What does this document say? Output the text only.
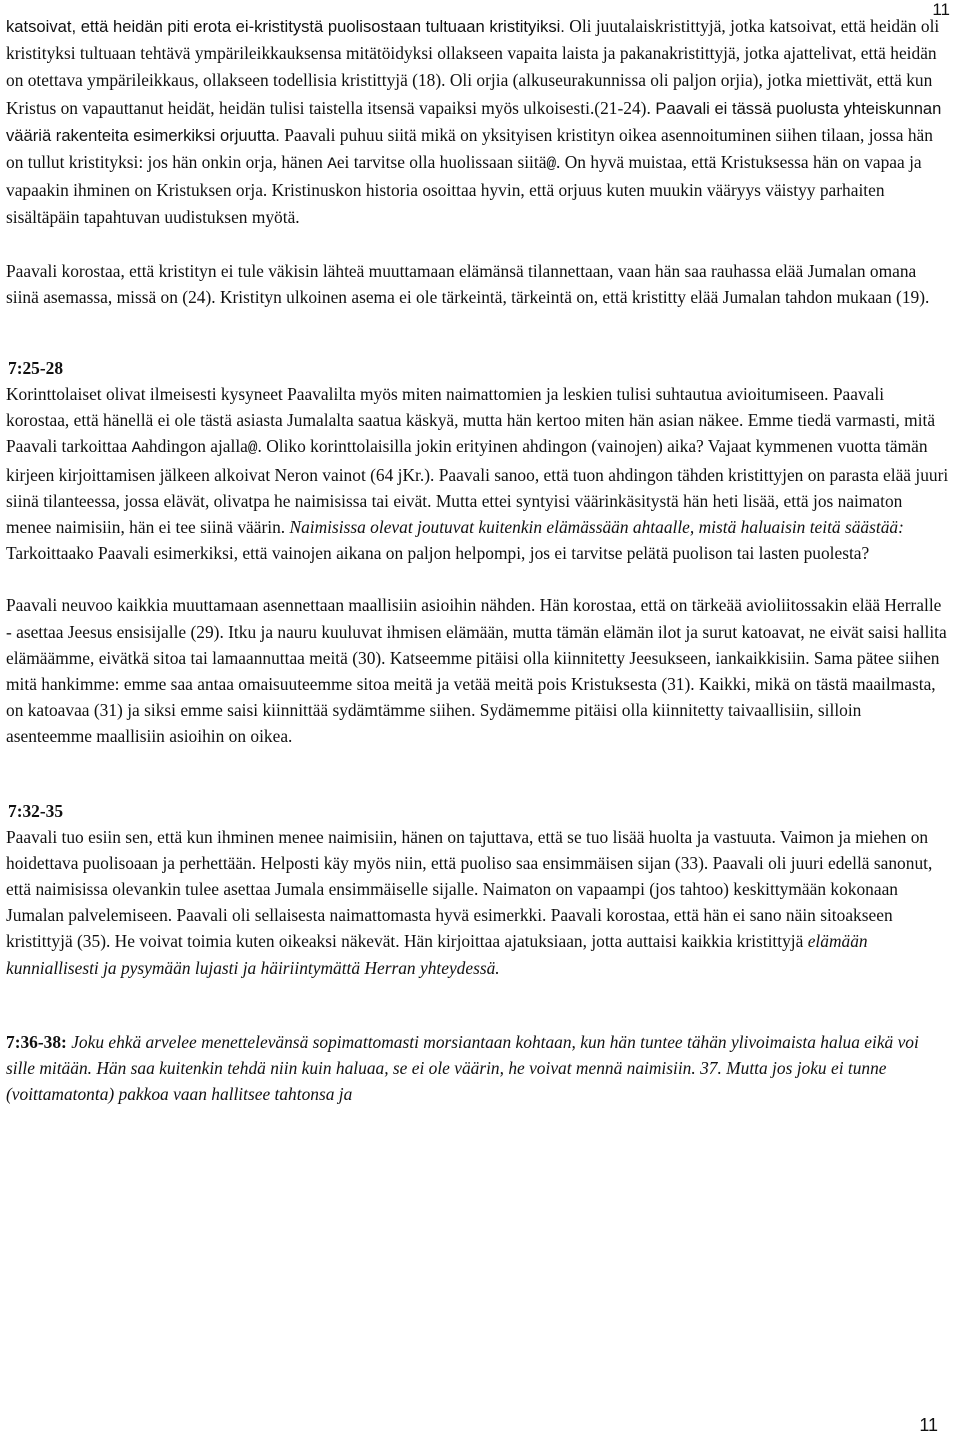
11

katsoivat, että heidän piti erota ei-kristitystä puolisostaan tultuaan kristityiksi. Oli juutalaiskristittyjä, jotka katsoivat, että heidän oli kristityksi tultuaan tehtävä ympärileikkauksensa mitätöidyksi ollakseen vapaita laista ja pakanakristittyjä, jotka ajattelivat, että heidän on otettava ympärileikkaus, ollakseen todellisia kristittyjä (18). Oli orjia (alkuseurakunnissa oli paljon orjia), jotka miettivät, että kun Kristus on vapauttanut heidät, heidän tulisi taistella itsensä vapaiksi myös ulkoisesti.(21-24). Paavali ei tässä puolusta yhteiskunnan vääriä rakenteita esimerkiksi orjuutta. Paavali puhuu siitä mikä on yksityisen kristityn oikea asennoituminen siihen tilaan, jossa hän on tullut kristityksi: jos hän onkin orja, hänen Aei tarvitse olla huolissaan siitä@. On hyvä muistaa, että Kristuksessa hän on vapaa ja vapaakin ihminen on Kristuksen orja. Kristinuskon historia osoittaa hyvin, että orjuus kuten muukin vääryys väistyy parhaiten sisältäpäin tapahtuvan uudistuksen myötä.

Paavali korostaa, että kristityn ei tule väkisin lähteä muuttamaan elämänsä tilannettaan, vaan hän saa rauhassa elää Jumalan omana siinä asemassa, missä on (24). Kristityn ulkoinen asema ei ole tärkeintä, tärkeintä on, että kristitty elää Jumalan tahdon mukaan (19).

7:25-28

Korinttolaiset olivat ilmeisesti kysyneet Paavalilta myös miten naimattomien ja leskien tulisi suhtautua avioitumiseen. Paavali korostaa, että hänellä ei ole tästä asiasta Jumalalta saatua käskyä, mutta hän kertoo miten hän asian näkee. Emme tiedä varmasti, mitä Paavali tarkoittaa Aahdingon ajalla@. Oliko korinttolaisilla jokin erityinen ahdingon (vainojen) aika? Vajaat kymmenen vuotta tämän kirjeen kirjoittamisen jälkeen alkoivat Neron vainot (64 jKr.). Paavali sanoo, että tuon ahdingon tähden kristittyjen on parasta elää juuri siinä tilanteessa, jossa elävät, olivatpa he naimisissa tai eivät. Mutta ettei syntyisi väärinkäsitystä hän heti lisää, että jos naimaton menee naimisiin, hän ei tee siinä väärin. Naimisissa olevat joutuvat kuitenkin elämässään ahtaalle, mistä haluaisin teitä säästää: Tarkoittaako Paavali esimerkiksi, että vainojen aikana on paljon helpompi, jos ei tarvitse pelätä puolison tai lasten puolesta?

Paavali neuvoo kaikkia muuttamaan asennettaan maallisiin asioihin nähden. Hän korostaa, että on tärkeää avioliitossakin elää Herralle - asettaa Jeesus ensisijalle (29). Itku ja nauru kuuluvat ihmisen elämään, mutta tämän elämän ilot ja surut katoavat, ne eivät saisi hallita elämäämme, eivätkä sitoa tai lamaannuttaa meitä (30). Katseemme pitäisi olla kiinnitetty Jeesukseen, iankaikkisiin. Sama pätee siihen mitä hankimme: emme saa antaa omaisuuteemme sitoa meitä ja vetää meitä pois Kristuksesta (31). Kaikki, mikä on tästä maailmasta, on katoavaa (31) ja siksi emme saisi kiinnittää sydämtämme siihen. Sydämemme pitäisi olla kiinnitetty taivaallisiin, silloin asenteemme maallisiin asioihin on oikea.

7:32-35

Paavali tuo esiin sen, että kun ihminen menee naimisiin, hänen on tajuttava, että se tuo lisää huolta ja vastuuta. Vaimon ja miehen on hoidettava puolisoaan ja perhettään. Helposti käy myös niin, että puoliso saa ensimmäisen sijan (33). Paavali oli juuri edellä sanonut, että naimisissa olevankin tulee asettaa Jumala ensimmäiselle sijalle. Naimaton on vapaampi (jos tahtoo) keskittymään kokonaan Jumalan palvelemiseen. Paavali oli sellaisesta naimattomasta hyvä esimerkki. Paavali korostaa, että hän ei sano näin sitoakseen kristittyjä (35). He voivat toimia kuten oikeaksi näkevät. Hän kirjoittaa ajatuksiaan, jotta auttaisi kaikkia kristittyjä elämään kunniallisesti ja pysymään lujasti ja häiriintymättä Herran yhteydessä.

7:36-38: Joku ehkä arvelee menettelevänsä sopimattomasti morsiantaan kohtaan, kun hän tuntee tähän ylivoimaista halua eikä voi sille mitään. Hän saa kuitenkin tehdä niin kuin haluaa, se ei ole väärin, he voivat mennä naimisiin. 37. Mutta jos joku ei tunne (voittamatonta) pakkoa vaan hallitsee tahtonsa ja

11
